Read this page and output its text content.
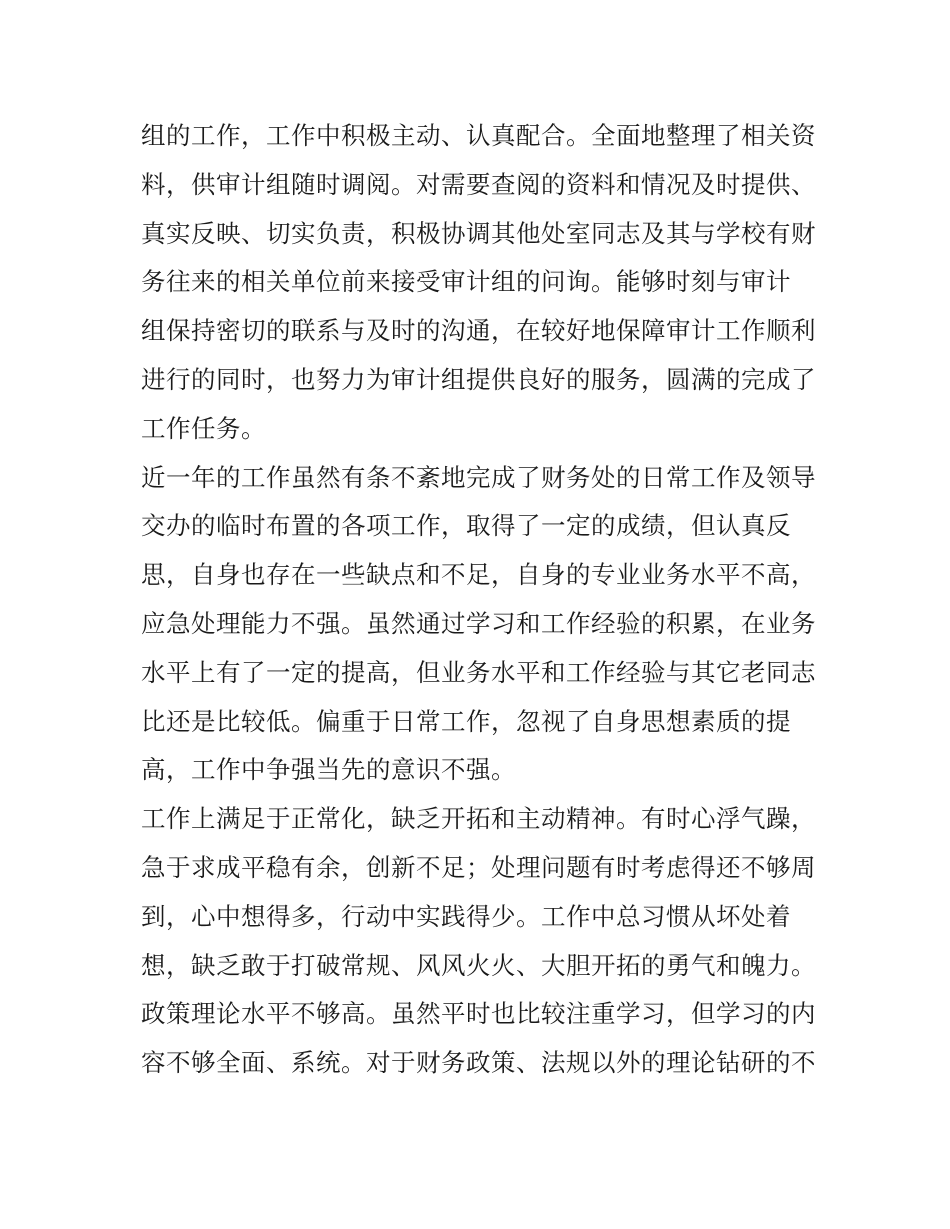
组的工作，工作中积极主动、认真配合。全面地整理了相关资
料，供审计组随时调阅。对需要查阅的资料和情况及时提供、
真实反映、切实负责，积极协调其他处室同志及其与学校有财
务往来的相关单位前来接受审计组的问询。能够时刻与审计
组保持密切的联系与及时的沟通，在较好地保障审计工作顺利
进行的同时，也努力为审计组提供良好的服务，圆满的完成了
工作任务。
近一年的工作虽然有条不紊地完成了财务处的日常工作及领导
交办的临时布置的各项工作，取得了一定的成绩，但认真反
思，自身也存在一些缺点和不足，自身的专业业务水平不高，
应急处理能力不强。虽然通过学习和工作经验的积累，在业务
水平上有了一定的提高，但业务水平和工作经验与其它老同志
比还是比较低。偏重于日常工作，忽视了自身思想素质的提
高，工作中争强当先的意识不强。
工作上满足于正常化，缺乏开拓和主动精神。有时心浮气躁，
急于求成平稳有余，创新不足；处理问题有时考虑得还不够周
到，心中想得多，行动中实践得少。工作中总习惯从坏处着
想，缺乏敢于打破常规、风风火火、大胆开拓的勇气和魄力。
政策理论水平不够高。虽然平时也比较注重学习，但学习的内
容不够全面、系统。对于财务政策、法规以外的理论钻研的不
